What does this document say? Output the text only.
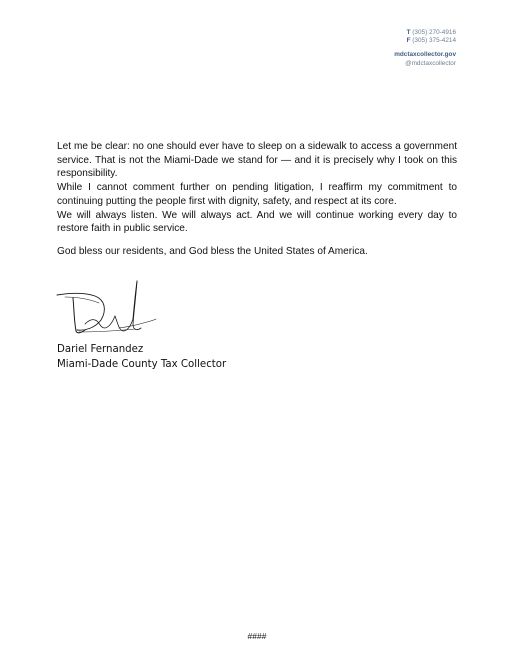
T (305) 270-4916
F (305) 375-4214
mdctaxcollector.gov
@mdctaxcollector

Let me be clear: no one should ever have to sleep on a sidewalk to access a government service. That is not the Miami-Dade we stand for — and it is precisely why I took on this responsibility.

While I cannot comment further on pending litigation, I reaffirm my commitment to continuing putting the people first with dignity, safety, and respect at its core.

We will always listen. We will always act. And we will continue working every day to restore faith in public service.

God bless our residents, and God bless the United States of America.

Dariel Fernandez
Miami-Dade County Tax Collector
####
